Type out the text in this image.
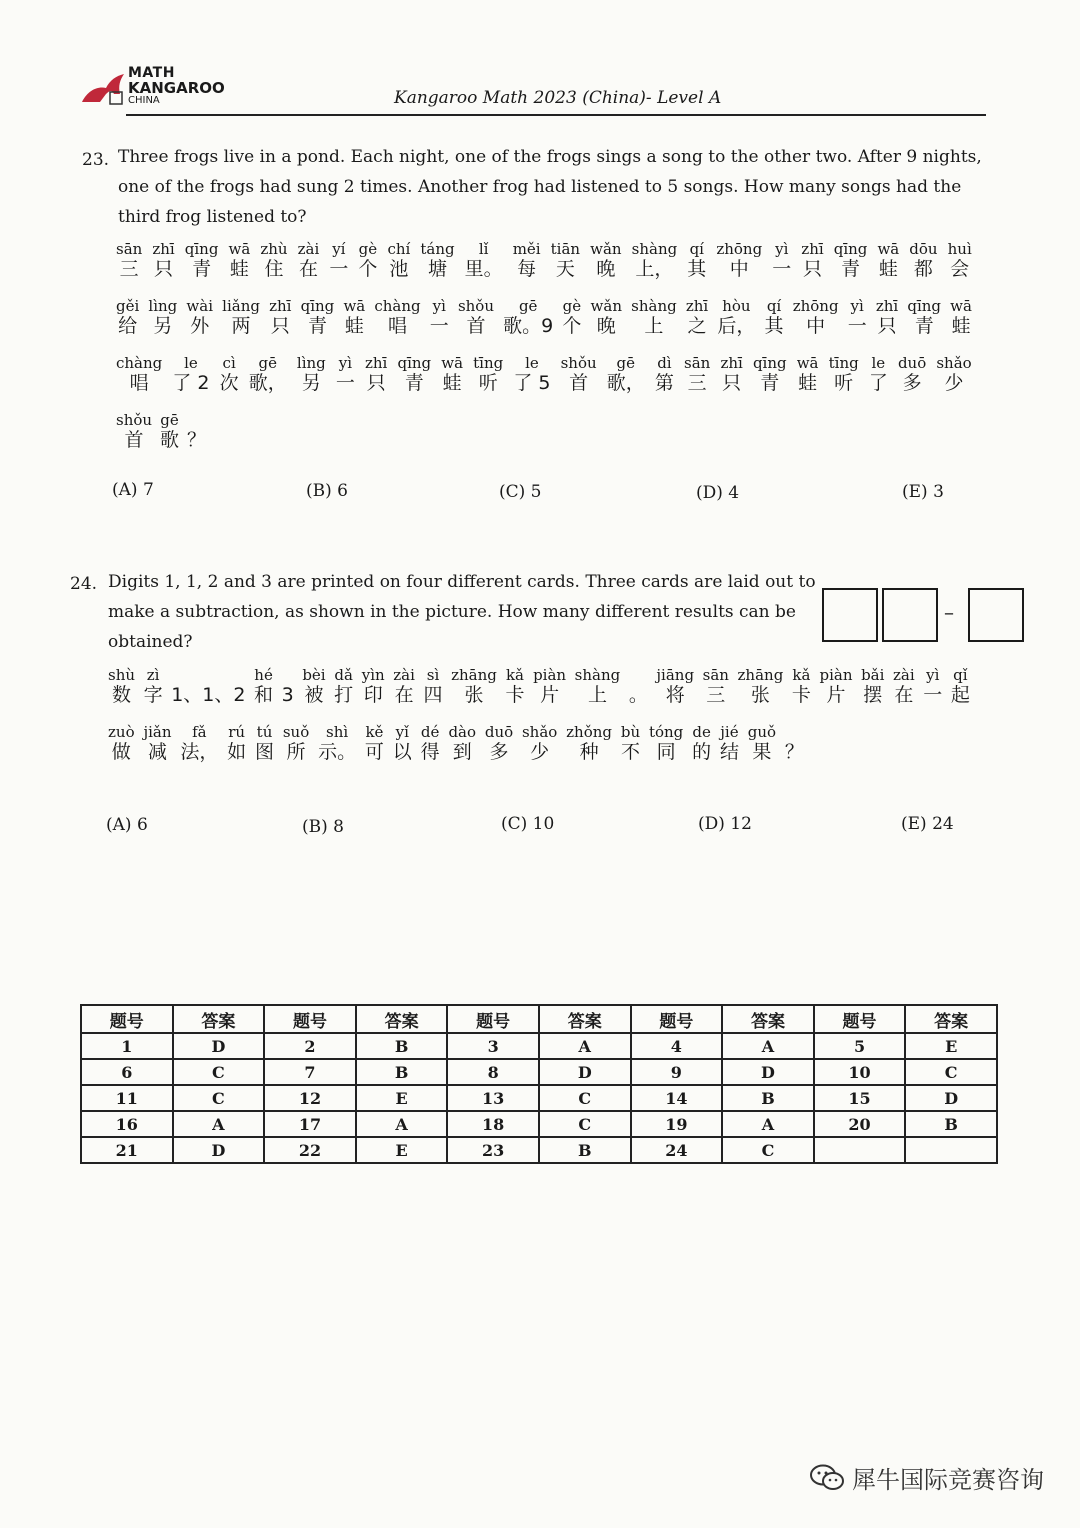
MATH
KANGAROO
CHINA	Kangaroo Math 2023 (China)- Level A
23. Three frogs live in a pond. Each night, one of the frogs sings a song to the other two. After 9 nights,
one of the frogs had sung 2 times. Another frog had listened to 5 songs. How many songs had the
third frog listened to?
sān
三
zhī
只
qīng
青
wā
蛙
zhù
住
zài
在
yí
一
gè
个
chí
池
táng
塘
lǐ
里。
měi
每
tiān
天
wǎn
晚
shàng
上，
qí
其
zhōng
中
yì
一
zhī
只
qīng
青
wā
蛙
dōu
都
huì
会
gěi
给
lìng
另
wài
外
liǎng
两
zhī
只
qīng
青
wā
蛙
chàng
唱
yì
一
shǒu
首
gē
歌。9
gè
个
wǎn
晚
shàng
上
zhī
之
hòu
后，
qí
其
zhōng
中
yì
一
zhī
只
qīng
青
wā
蛙
chàng
唱
le
了 2
cì
次
gē
歌，
lìng
另
yì
一
zhī
只
qīng
青
wā
蛙
tīng
听
le
了 5
shǒu
首
gē
歌，
dì
第
sān
三
zhī
只
qīng
青
wā
蛙
tīng
听
le
了
duō
多
shǎo
少
shǒu
首
gē
歌 ？
(A) 7	(B) 6	(C) 5	(D) 4	(E) 3
24. Digits 1, 1, 2 and 3 are printed on four different cards. Three cards are laid out to
make a subtraction, as shown in the picture. How many different results can be
obtained?
–
shù
数
zì
字 1、1、2
hé
和 3
bèi
被
dǎ
打
yìn
印
zài
在
sì
四
zhāng
张
kǎ
卡
piàn
片
shàng
上 。
jiāng
将
sān
三
zhāng
张
kǎ
卡
piàn
片
bǎi
摆
zài
在
yì
一
qǐ
起
zuò
做
jiǎn
减
fǎ
法，
rú
如
tú
图
suǒ
所
shì
示。
kě
可
yǐ
以
dé
得
dào
到
duō
多
shǎo
少
zhǒng
种
bù
不
tóng
同
de
的
jié
结
guǒ
果 ？
(A) 6	(B) 8	(C) 10	(D) 12	(E) 24
题号	答案	题号	答案	题号	答案	题号	答案	题号	答案
1	D	2	B	3	A	4	A	5	E
6	C	7	B	8	D	9	D	10	C
11	C	12	E	13	C	14	B	15	D
16	A	17	A	18	C	19	A	20	B
21	D	22	E	23	B	24	C		
犀牛国际竞赛咨询
